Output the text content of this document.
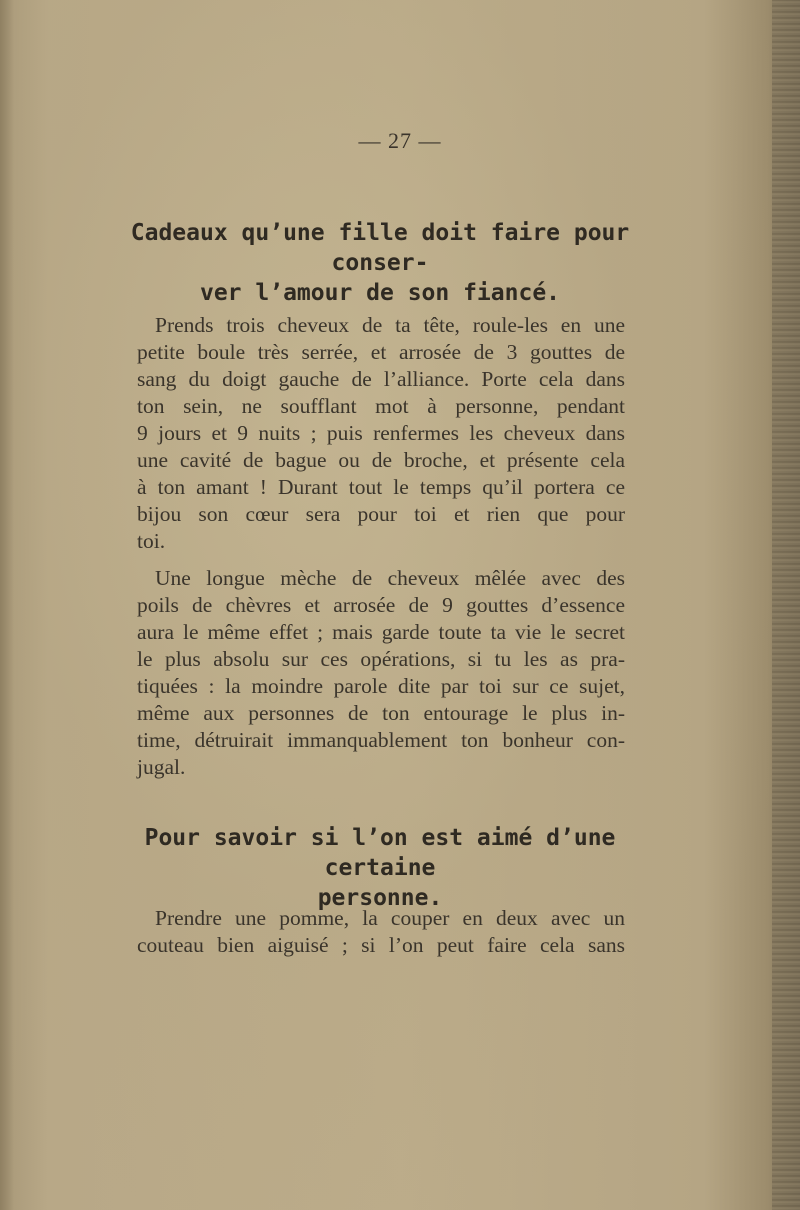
— 27 —
Cadeaux qu’une fille doit faire pour conser-
ver l’amour de son fiancé.
Prends trois cheveux de ta tête, roule-les en une
petite boule très serrée, et arrosée de 3 gouttes de
sang du doigt gauche de l’alliance. Porte cela dans
ton sein, ne soufflant mot à personne, pendant
9 jours et 9 nuits ; puis renfermes les cheveux dans
une cavité de bague ou de broche, et présente cela
à ton amant ! Durant tout le temps qu’il portera ce
bijou son cœur sera pour toi et rien que pour
toi.
Une longue mèche de cheveux mêlée avec des
poils de chèvres et arrosée de 9 gouttes d’essence
aura le même effet ; mais garde toute ta vie le secret
le plus absolu sur ces opérations, si tu les as pra-
tiquées : la moindre parole dite par toi sur ce sujet,
même aux personnes de ton entourage le plus in-
time, détruirait immanquablement ton bonheur con-
jugal.
Pour savoir si l’on est aimé d’une certaine
personne.
Prendre une pomme, la couper en deux avec un
couteau bien aiguisé ; si l’on peut faire cela sans
